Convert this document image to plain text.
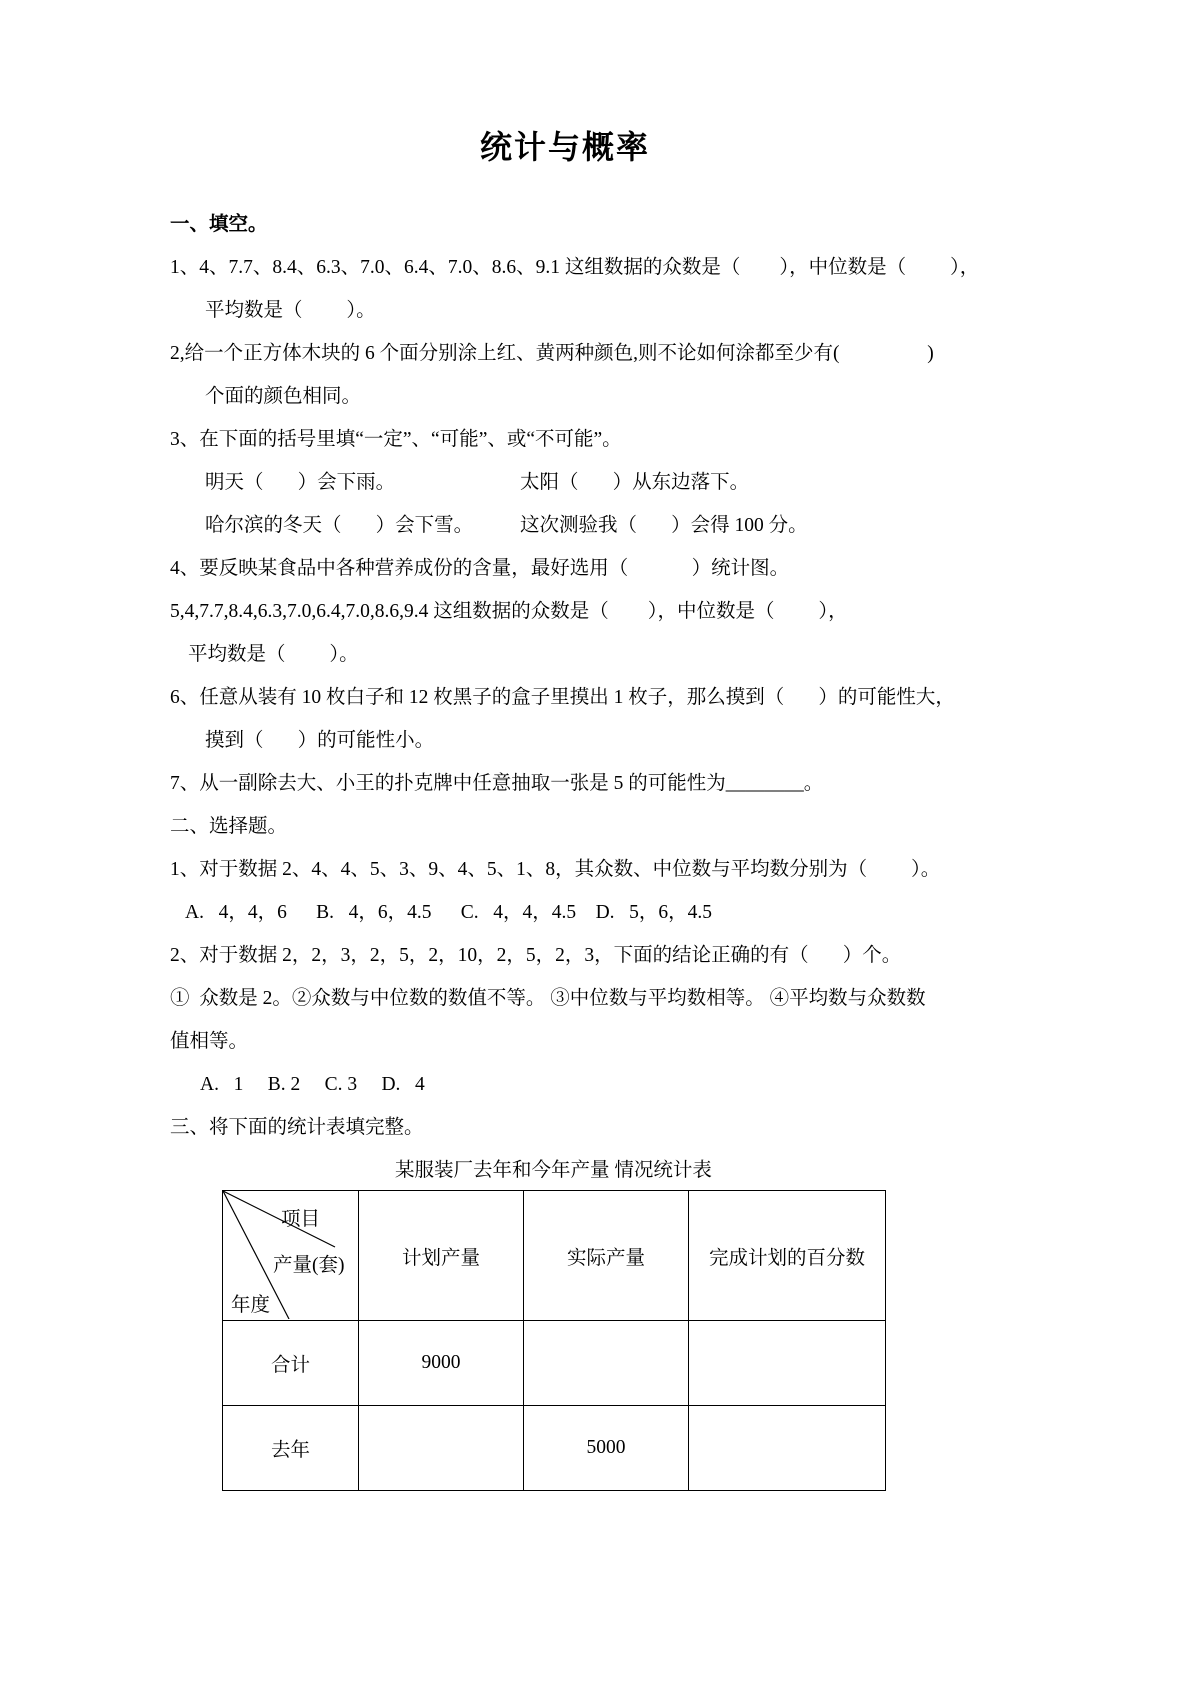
统计与概率

一、填空。

1、4、7.7、8.4、6.3、7.0、6.4、7.0、8.6、9.1 这组数据的众数是（        ），中位数是（         ），

平均数是（         ）。

2,给一个正方体木块的 6 个面分别涂上红、黄两种颜色,则不论如何涂都至少有(                  )

个面的颜色相同。

3、在下面的括号里填“一定”、“可能”、或“不可能”。

明天（       ）会下雨。	太阳（       ）从东边落下。

哈尔滨的冬天（       ）会下雪。 这次测验我（       ）会得 100 分。

4、要反映某食品中各种营养成份的含量，最好选用（             ）统计图。

5,4,7.7,8.4,6.3,7.0,6.4,7.0,8.6,9.4 这组数据的众数是（        ），中位数是（         ），

平均数是（         ）。

6、任意从装有 10 枚白子和 12 枚黑子的盒子里摸出 1 枚子，那么摸到（       ）的可能性大，

摸到（       ）的可能性小。

7、从一副除去大、小王的扑克牌中任意抽取一张是 5 的可能性为________。

二、选择题。

1、对于数据 2、4、4、5、3、9、4、5、1、8，其众数、中位数与平均数分别为（         ）。

A.   4，4，6      B.   4，6，4.5      C.   4，4，4.5    D.   5，6，4.5

2、对于数据 2，2，3，2，5，2，10，2，5，2，3，下面的结论正确的有（       ）个。

①  众数是 2。②众数与中位数的数值不等。 ③中位数与平均数相等。 ④平均数与众数数

值相等。

A.   1     B. 2     C. 3     D.   4

三、将下面的统计表填完整。

某服装厂去年和今年产量 情况统计表

项目
产量(套)
年度	计划产量	实际产量	完成计划的百分数
合计	9000		
去年		5000	
